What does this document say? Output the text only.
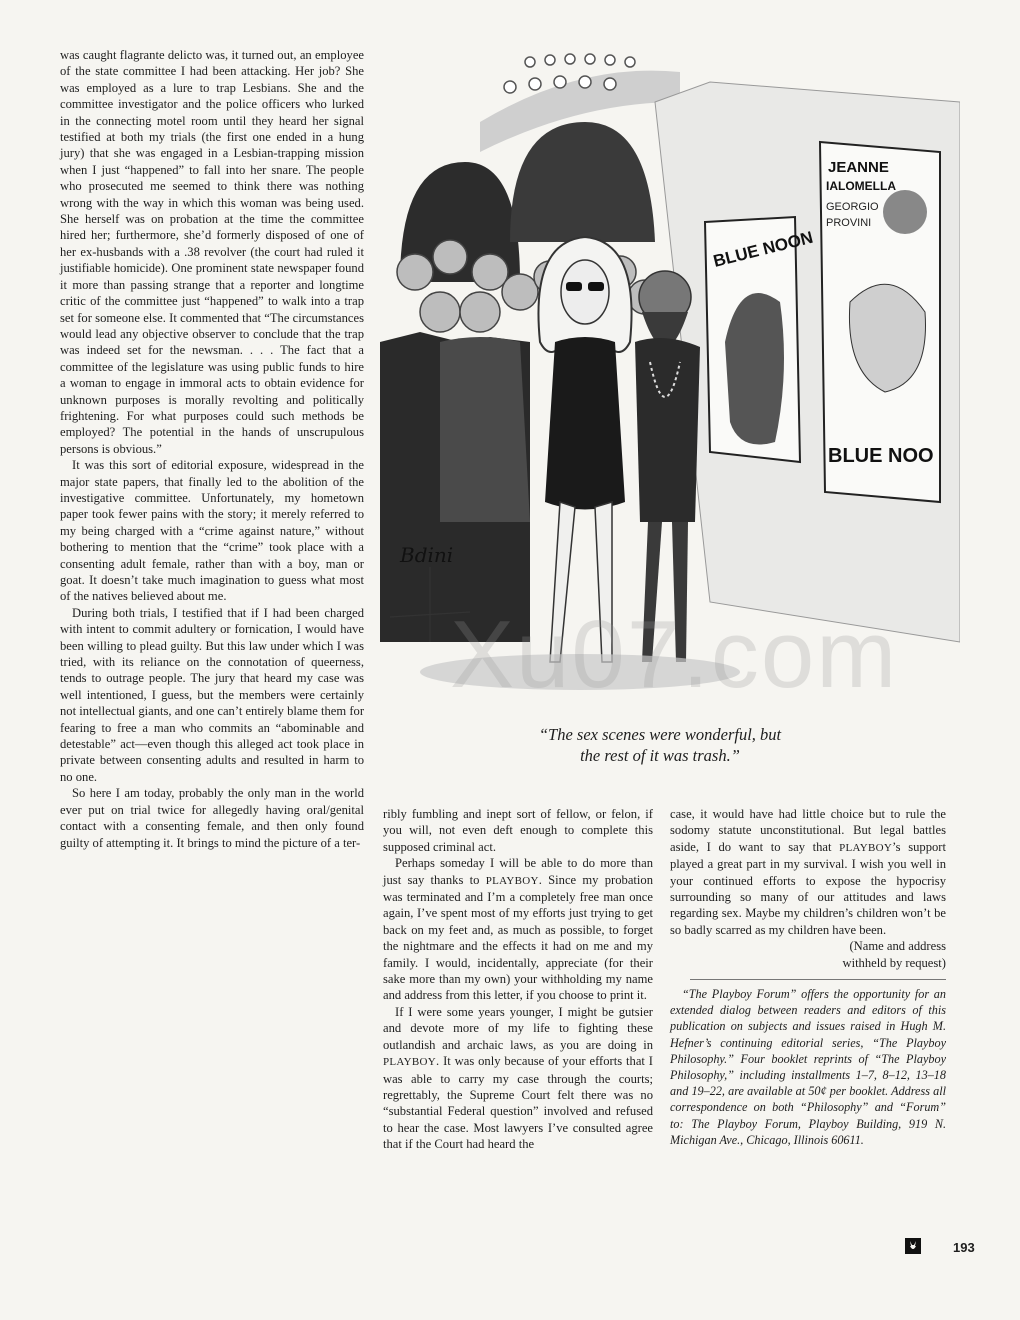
was caught flagrante delicto was, it turned out, an employee of the state committee I had been attacking. Her job? She was employed as a lure to trap Lesbians. She and the committee investigator and the police officers who lurked in the connecting motel room until they heard her signal testified at both my trials (the first one ended in a hung jury) that she was engaged in a Lesbian-trapping mission when I just “happened” to fall into her snare. The people who prosecuted me seemed to think there was nothing wrong with the way in which this woman was being used. She herself was on probation at the time the committee hired her; furthermore, she’d formerly disposed of one of her ex-husbands with a .38 revolver (the court had ruled it justifiable homicide). One prominent state newspaper found it more than passing strange that a reporter and longtime critic of the committee just “happened” to walk into a trap set for someone else. It commented that “The circumstances would lead any objective observer to conclude that the trap was indeed set for the newsman. . . . The fact that a committee of the legislature was using public funds to hire a woman to engage in immoral acts to obtain evidence for unknown purposes is morally revolting and politically frightening. For what purposes could such methods be employed? The potential in the hands of unscrupulous persons is obvious.”

It was this sort of editorial exposure, widespread in the major state papers, that finally led to the abolition of the investigative committee. Unfortunately, my hometown paper took fewer pains with the story; it merely referred to my being charged with a “crime against nature,” without bothering to mention that the “crime” took place with a consenting adult female, rather than with a boy, man or goat. It doesn’t take much imagination to guess what most of the natives believed about me.

During both trials, I testified that if I had been charged with intent to commit adultery or fornication, I would have been willing to plead guilty. But this law under which I was tried, with its reliance on the connotation of queerness, tends to outrage people. The jury that heard my case was well intentioned, I guess, but the members were certainly not intellectual giants, and one can’t entirely blame them for fearing to free a man who commits an “abominable and detestable” act—even though this alleged act took place in private between consenting adults and resulted in harm to no one.

So here I am today, probably the only man in the world ever put on trial twice for allegedly having oral/genital contact with a consenting female, and then only found guilty of attempting it. It brings to mind the picture of a ter-

BLUE NOON
JEANNE
IALOMELLA
GEORGIO
PROVINI
BLUE NOO
Bdini
Xu07.com
“The sex scenes were wonderful, but
the rest of it was trash.”

ribly fumbling and inept sort of fellow, or felon, if you will, not even deft enough to complete this supposed criminal act.

Perhaps someday I will be able to do more than just say thanks to PLAYBOY. Since my probation was terminated and I’m a completely free man once again, I’ve spent most of my efforts just trying to get back on my feet and, as much as possible, to forget the nightmare and the effects it had on me and my family. I would, incidentally, appreciate (for their sake more than my own) your withholding my name and address from this letter, if you choose to print it.

If I were some years younger, I might be gutsier and devote more of my life to fighting these outlandish and archaic laws, as you are doing in PLAYBOY. It was only because of your efforts that I was able to carry my case through the courts; regrettably, the Supreme Court felt there was no “substantial Federal question” involved and refused to hear the case. Most lawyers I’ve consulted agree that if the Court had heard the

case, it would have had little choice but to rule the sodomy statute unconstitutional. But legal battles aside, I do want to say that PLAYBOY’s support played a great part in my survival. I wish you well in your continued efforts to expose the hypocrisy surrounding so many of our attitudes and laws regarding sex. Maybe my children’s children won’t be so badly scarred as my children have been.

(Name and address
withheld by request)

“The Playboy Forum” offers the opportunity for an extended dialog between readers and editors of this publication on subjects and issues raised in Hugh M. Hefner’s continuing editorial series, “The Playboy Philosophy.” Four booklet reprints of “The Playboy Philosophy,” including installments 1–7, 8–12, 13–18 and 19–22, are available at 50¢ per booklet. Address all correspondence on both “Philosophy” and “Forum” to: The Playboy Forum, Playboy Building, 919 N. Michigan Ave., Chicago, Illinois 60611.

193
